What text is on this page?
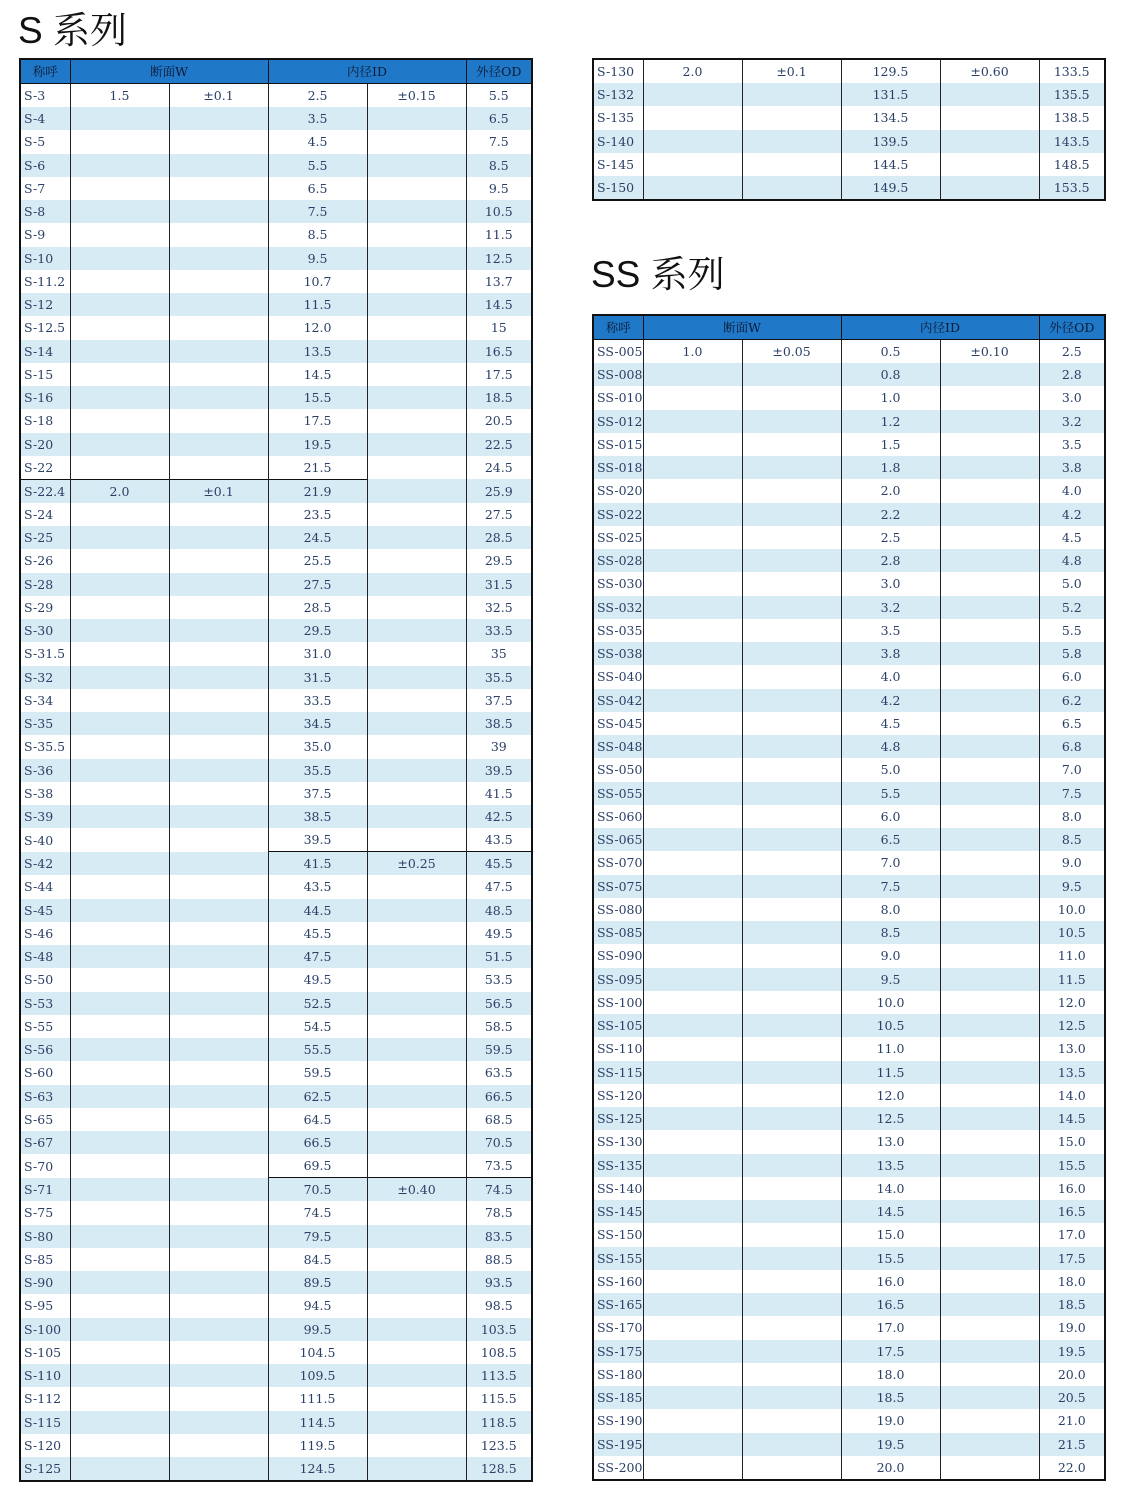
S 系列
称呼	断面W		内径ID		外径OD
S-3	1.5	±0.1	2.5	±0.15	5.5
S-4			3.5		6.5
S-5			4.5		7.5
S-6			5.5		8.5
S-7			6.5		9.5
S-8			7.5		10.5
S-9			8.5		11.5
S-10			9.5		12.5
S-11.2			10.7		13.7
S-12			11.5		14.5
S-12.5			12.0		15
S-14			13.5		16.5
S-15			14.5		17.5
S-16			15.5		18.5
S-18			17.5		20.5
S-20			19.5		22.5
S-22			21.5		24.5
S-22.4	2.0	±0.1	21.9		25.9
S-24			23.5		27.5
S-25			24.5		28.5
S-26			25.5		29.5
S-28			27.5		31.5
S-29			28.5		32.5
S-30			29.5		33.5
S-31.5			31.0		35
S-32			31.5		35.5
S-34			33.5		37.5
S-35			34.5		38.5
S-35.5			35.0		39
S-36			35.5		39.5
S-38			37.5		41.5
S-39			38.5		42.5
S-40			39.5		43.5
S-42			41.5	±0.25	45.5
S-44			43.5		47.5
S-45			44.5		48.5
S-46			45.5		49.5
S-48			47.5		51.5
S-50			49.5		53.5
S-53			52.5		56.5
S-55			54.5		58.5
S-56			55.5		59.5
S-60			59.5		63.5
S-63			62.5		66.5
S-65			64.5		68.5
S-67			66.5		70.5
S-70			69.5		73.5
S-71			70.5	±0.40	74.5
S-75			74.5		78.5
S-80			79.5		83.5
S-85			84.5		88.5
S-90			89.5		93.5
S-95			94.5		98.5
S-100			99.5		103.5
S-105			104.5		108.5
S-110			109.5		113.5
S-112			111.5		115.5
S-115			114.5		118.5
S-120			119.5		123.5
S-125			124.5		128.5
S-130	2.0	±0.1	129.5	±0.60	133.5
S-132			131.5		135.5
S-135			134.5		138.5
S-140			139.5		143.5
S-145			144.5		148.5
S-150			149.5		153.5
SS 系列
称呼	断面W		内径ID		外径OD
SS-005	1.0	±0.05	0.5	±0.10	2.5
SS-008			0.8		2.8
SS-010			1.0		3.0
SS-012			1.2		3.2
SS-015			1.5		3.5
SS-018			1.8		3.8
SS-020			2.0		4.0
SS-022			2.2		4.2
SS-025			2.5		4.5
SS-028			2.8		4.8
SS-030			3.0		5.0
SS-032			3.2		5.2
SS-035			3.5		5.5
SS-038			3.8		5.8
SS-040			4.0		6.0
SS-042			4.2		6.2
SS-045			4.5		6.5
SS-048			4.8		6.8
SS-050			5.0		7.0
SS-055			5.5		7.5
SS-060			6.0		8.0
SS-065			6.5		8.5
SS-070			7.0		9.0
SS-075			7.5		9.5
SS-080			8.0		10.0
SS-085			8.5		10.5
SS-090			9.0		11.0
SS-095			9.5		11.5
SS-100			10.0		12.0
SS-105			10.5		12.5
SS-110			11.0		13.0
SS-115			11.5		13.5
SS-120			12.0		14.0
SS-125			12.5		14.5
SS-130			13.0		15.0
SS-135			13.5		15.5
SS-140			14.0		16.0
SS-145			14.5		16.5
SS-150			15.0		17.0
SS-155			15.5		17.5
SS-160			16.0		18.0
SS-165			16.5		18.5
SS-170			17.0		19.0
SS-175			17.5		19.5
SS-180			18.0		20.0
SS-185			18.5		20.5
SS-190			19.0		21.0
SS-195			19.5		21.5
SS-200			20.0		22.0
